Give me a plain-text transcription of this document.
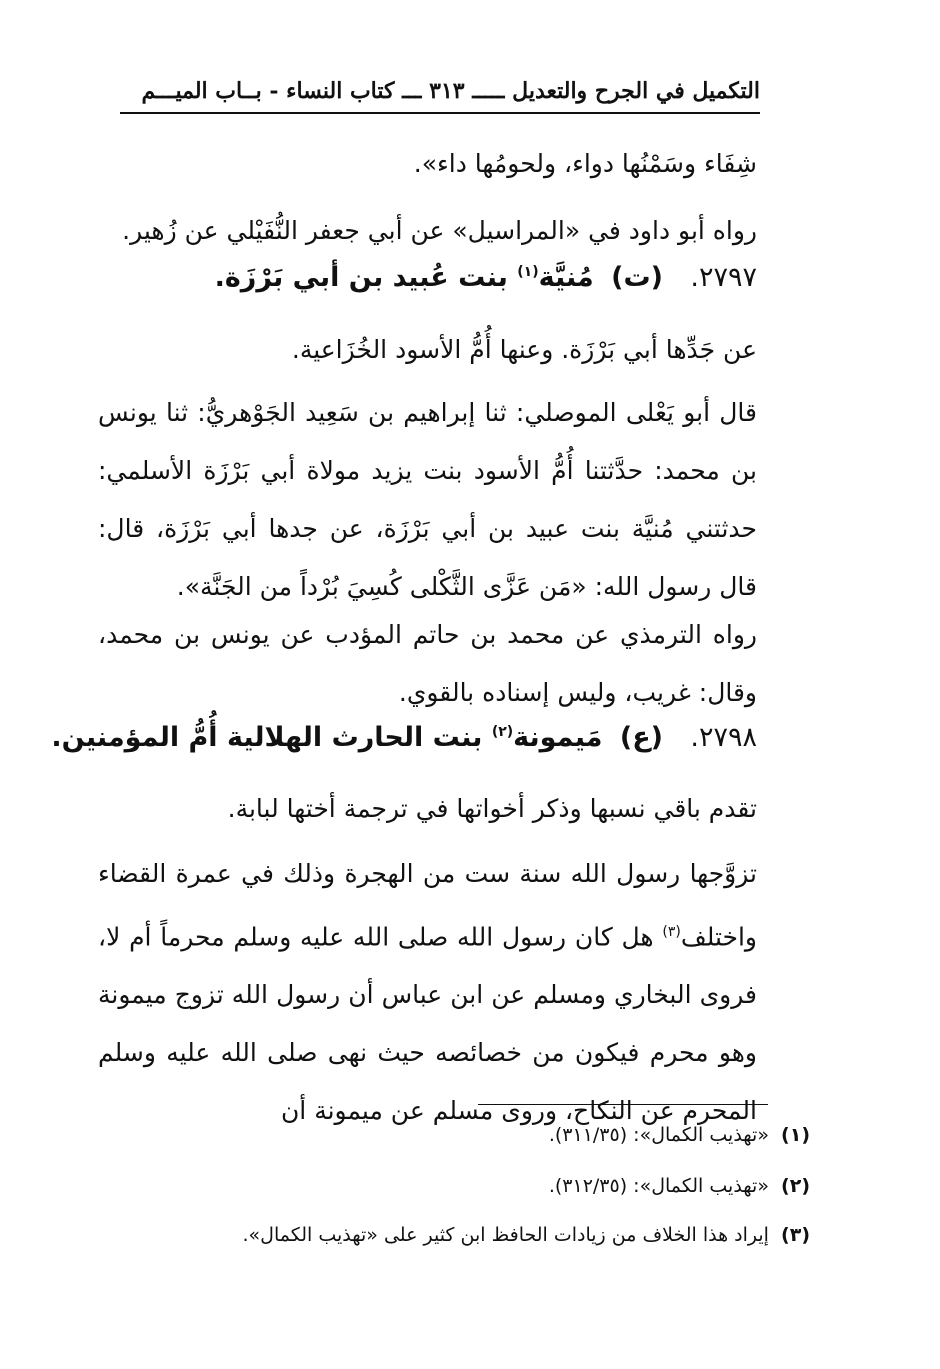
التكميل في الجرح والتعديل ـــــ ٣١٣ ـــ كتاب النساء - بــاب الميـــم
شِفَاء وسَمْنُها دواء، ولحومُها داء».
رواه أبو داود في «المراسيل» عن أبي جعفر النُّفَيْلي عن زُهير.
٢٧٩٧. (ت) مُنيَّة$^{(١)}$ بنت عُبيد بن أبي بَرْزَة.
عن جَدِّها أبي بَرْزَة. وعنها أُمُّ الأسود الخُزَاعية.
قال أبو يَعْلى الموصلي: ثنا إبراهيم بن سَعِيد الجَوْهريُّ: ثنا يونس بن محمد: حدَّثتنا أُمُّ الأسود بنت يزيد مولاة أبي بَرْزَة الأسلمي: حدثتني مُنيَّة بنت عبيد بن أبي بَرْزَة، عن جدها أبي بَرْزَة، قال: قال رسول الله: «مَن عَزَّى الثَّكْلى كُسِيَ بُرْداً من الجَنَّة».
رواه الترمذي عن محمد بن حاتم المؤدب عن يونس بن محمد، وقال: غريب، وليس إسناده بالقوي.
٢٧٩٨. (ع) مَيمونة$^{(٢)}$ بنت الحارث الهلالية أُمُّ المؤمنين.
تقدم باقي نسبها وذكر أخواتها في ترجمة أختها لبابة.
تزوَّجها رسول الله سنة ست من الهجرة وذلك في عمرة القضاء واختلف$^{(٣)}$ هل كان رسول الله صلى الله عليه وسلم محرماً أم لا، فروى البخاري ومسلم عن ابن عباس أن رسول الله تزوج ميمونة وهو محرم فيكون من خصائصه حيث نهى صلى الله عليه وسلم المحرم عن النكاح، وروى مسلم عن ميمونة أن
(١) «تهذيب الكمال»: (٣١١/٣٥).
(٢) «تهذيب الكمال»: (٣١٢/٣٥).
(٣) إيراد هذا الخلاف من زيادات الحافظ ابن كثير على «تهذيب الكمال».
